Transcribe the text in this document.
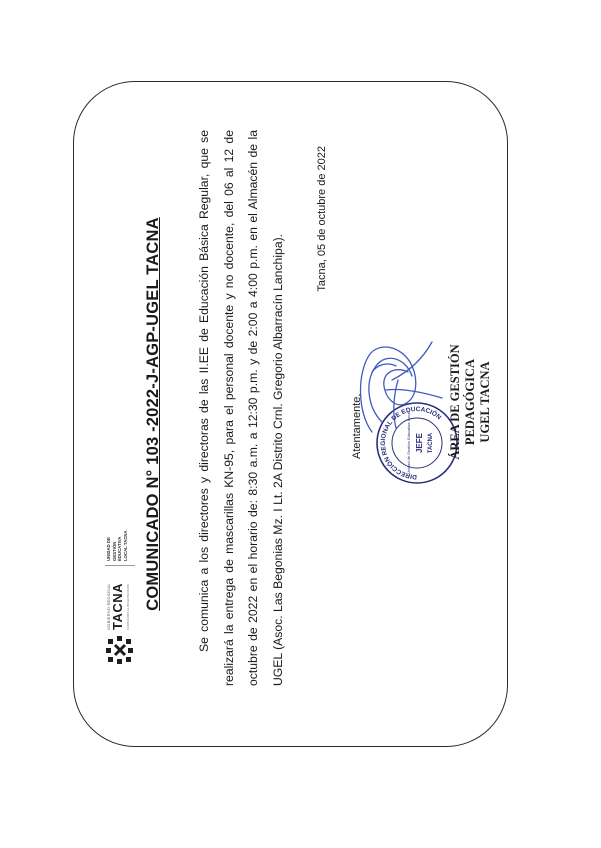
GOBIERNO REGIONAL TACNA CAMINANDO AL BICENTENARIO
UNIDAD DE GESTIÓN EDUCATIVA LOCAL TACNA COMUNICADO N° 103 -2022-J-AGP-UGEL TACNA	Se comunica a los directores y directoras de las II.EE de Educación Básica Regular, que se realizará la entrega de mascarillas KN-95, para el personal docente y no docente, del 06 al 12 de octubre de 2022 en el horario de: 8:30 a.m. a 12:30 p.m. y de 2:00 a 4:00 p.m. en el Almacén de la UGEL (Asoc. Las Begonias Mz. I Lt. 2A Distrito Crnl. Gregorio Albarracín Lanchipa).

Tacna, 05 de octubre de 2022
Atentamente,
DIRECCIÓN REGIONAL DE EDUCACIÓN
Unidad de Gestión Educativa Local JEFE TACNA ÁREA DE GESTIÓN PEDAGÓGICA UGEL TACNA
